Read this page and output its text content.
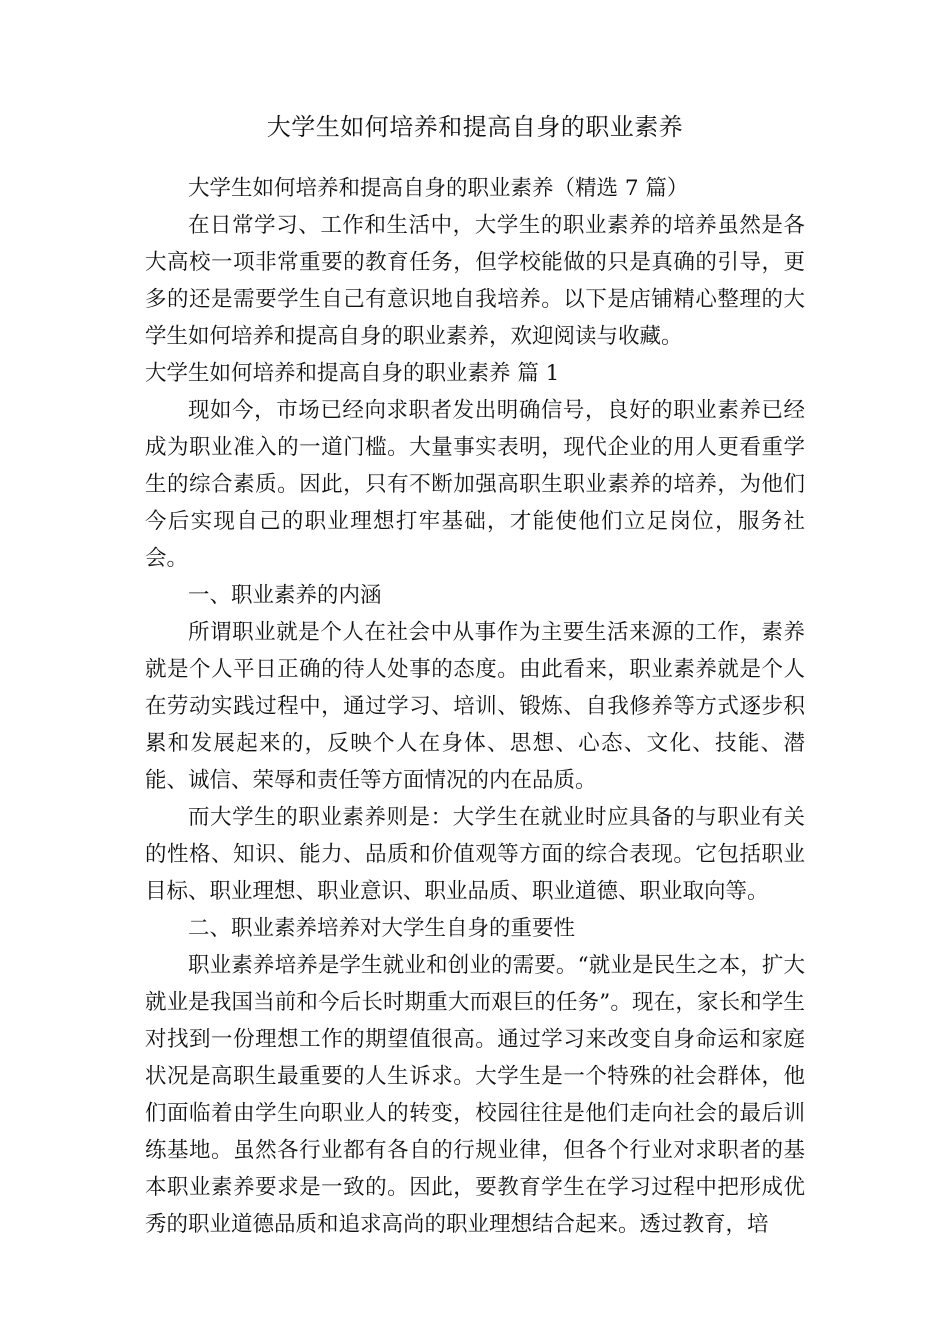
大学生如何培养和提高自身的职业素养

大学生如何培养和提高自身的职业素养（精选 7 篇）

在日常学习、工作和生活中，大学生的职业素养的培养虽然是各大高校一项非常重要的教育任务，但学校能做的只是真确的引导，更多的还是需要学生自己有意识地自我培养。以下是店铺精心整理的大学生如何培养和提高自身的职业素养，欢迎阅读与收藏。

大学生如何培养和提高自身的职业素养 篇 1

现如今，市场已经向求职者发出明确信号，良好的职业素养已经成为职业准入的一道门槛。大量事实表明，现代企业的用人更看重学生的综合素质。因此，只有不断加强高职生职业素养的培养，为他们今后实现自己的职业理想打牢基础，才能使他们立足岗位，服务社会。

一、职业素养的内涵

所谓职业就是个人在社会中从事作为主要生活来源的工作，素养就是个人平日正确的待人处事的态度。由此看来，职业素养就是个人在劳动实践过程中，通过学习、培训、锻炼、自我修养等方式逐步积累和发展起来的，反映个人在身体、思想、心态、文化、技能、潜能、诚信、荣辱和责任等方面情况的内在品质。

而大学生的职业素养则是：大学生在就业时应具备的与职业有关的性格、知识、能力、品质和价值观等方面的综合表现。它包括职业目标、职业理想、职业意识、职业品质、职业道德、职业取向等。

二、职业素养培养对大学生自身的重要性

职业素养培养是学生就业和创业的需要。“就业是民生之本，扩大就业是我国当前和今后长时期重大而艰巨的任务”。现在，家长和学生对找到一份理想工作的期望值很高。通过学习来改变自身命运和家庭状况是高职生最重要的人生诉求。大学生是一个特殊的社会群体，他们面临着由学生向职业人的转变，校园往往是他们走向社会的最后训练基地。虽然各行业都有各自的行规业律，但各个行业对求职者的基本职业素养要求是一致的。因此，要教育学生在学习过程中把形成优秀的职业道德品质和追求高尚的职业理想结合起来。透过教育，培
